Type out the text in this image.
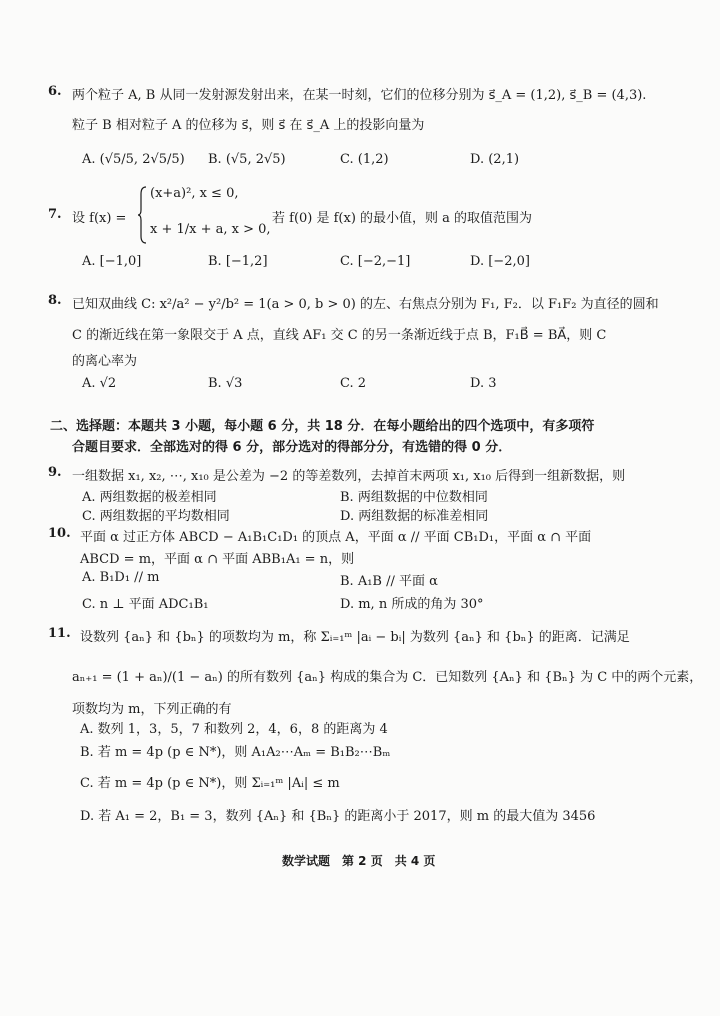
6. 两个粒子 A, B 从同一发射源发射出来，在某一时刻，它们的位移分别为 s⃗_A = (1,2), s⃗_B = (4,3).
粒子 B 相对粒子 A 的位移为 s⃗，则 s⃗ 在 s⃗_A 上的投影向量为
A. (√5/5, 2√5/5) B. (√5, 2√5)	C. (1,2)	D. (2,1)
7. 设 f(x) =
(x+a)², x ≤ 0,
x + 1/x + a, x > 0,
若 f(0) 是 f(x) 的最小值，则 a 的取值范围为
A. [−1,0]	B. [−1,2]	C. [−2,−1]	D. [−2,0]
8. 已知双曲线 C: x²/a² − y²/b² = 1(a > 0, b > 0) 的左、右焦点分别为 F₁, F₂．以 F₁F₂ 为直径的圆和
C 的渐近线在第一象限交于 A 点，直线 AF₁ 交 C 的另一条渐近线于点 B，F₁B⃗ = BA⃗，则 C
的离心率为
A. √2	B. √3	C. 2	D. 3
二、选择题：本题共 3 小题，每小题 6 分，共 18 分．在每小题给出的四个选项中，有多项符
合题目要求．全部选对的得 6 分，部分选对的得部分分，有选错的得 0 分．
9. 一组数据 x₁, x₂, ⋯, x₁₀ 是公差为 −2 的等差数列，去掉首末两项 x₁, x₁₀ 后得到一组新数据，则
A. 两组数据的极差相同	B. 两组数据的中位数相同
C. 两组数据的平均数相同	D. 两组数据的标准差相同
10. 平面 α 过正方体 ABCD − A₁B₁C₁D₁ 的顶点 A，平面 α // 平面 CB₁D₁，平面 α ∩ 平面
ABCD = m，平面 α ∩ 平面 ABB₁A₁ = n，则
A. B₁D₁ // m	B. A₁B // 平面 α
C. n ⊥ 平面 ADC₁B₁	D. m, n 所成的角为 30°
11. 设数列 {aₙ} 和 {bₙ} 的项数均为 m，称 Σᵢ₌₁ᵐ |aᵢ − bᵢ| 为数列 {aₙ} 和 {bₙ} 的距离．记满足
aₙ₊₁ = (1 + aₙ)/(1 − aₙ) 的所有数列 {aₙ} 构成的集合为 C．已知数列 {Aₙ} 和 {Bₙ} 为 C 中的两个元素，
项数均为 m，下列正确的有
A. 数列 1，3，5，7 和数列 2，4，6，8 的距离为 4
B. 若 m = 4p (p ∈ N*)，则 A₁A₂⋯Aₘ = B₁B₂⋯Bₘ
C. 若 m = 4p (p ∈ N*)，则 Σᵢ₌₁ᵐ |Aᵢ| ≤ m
D. 若 A₁ = 2，B₁ = 3，数列 {Aₙ} 和 {Bₙ} 的距离小于 2017，则 m 的最大值为 3456
数学试题　第 2 页　共 4 页
